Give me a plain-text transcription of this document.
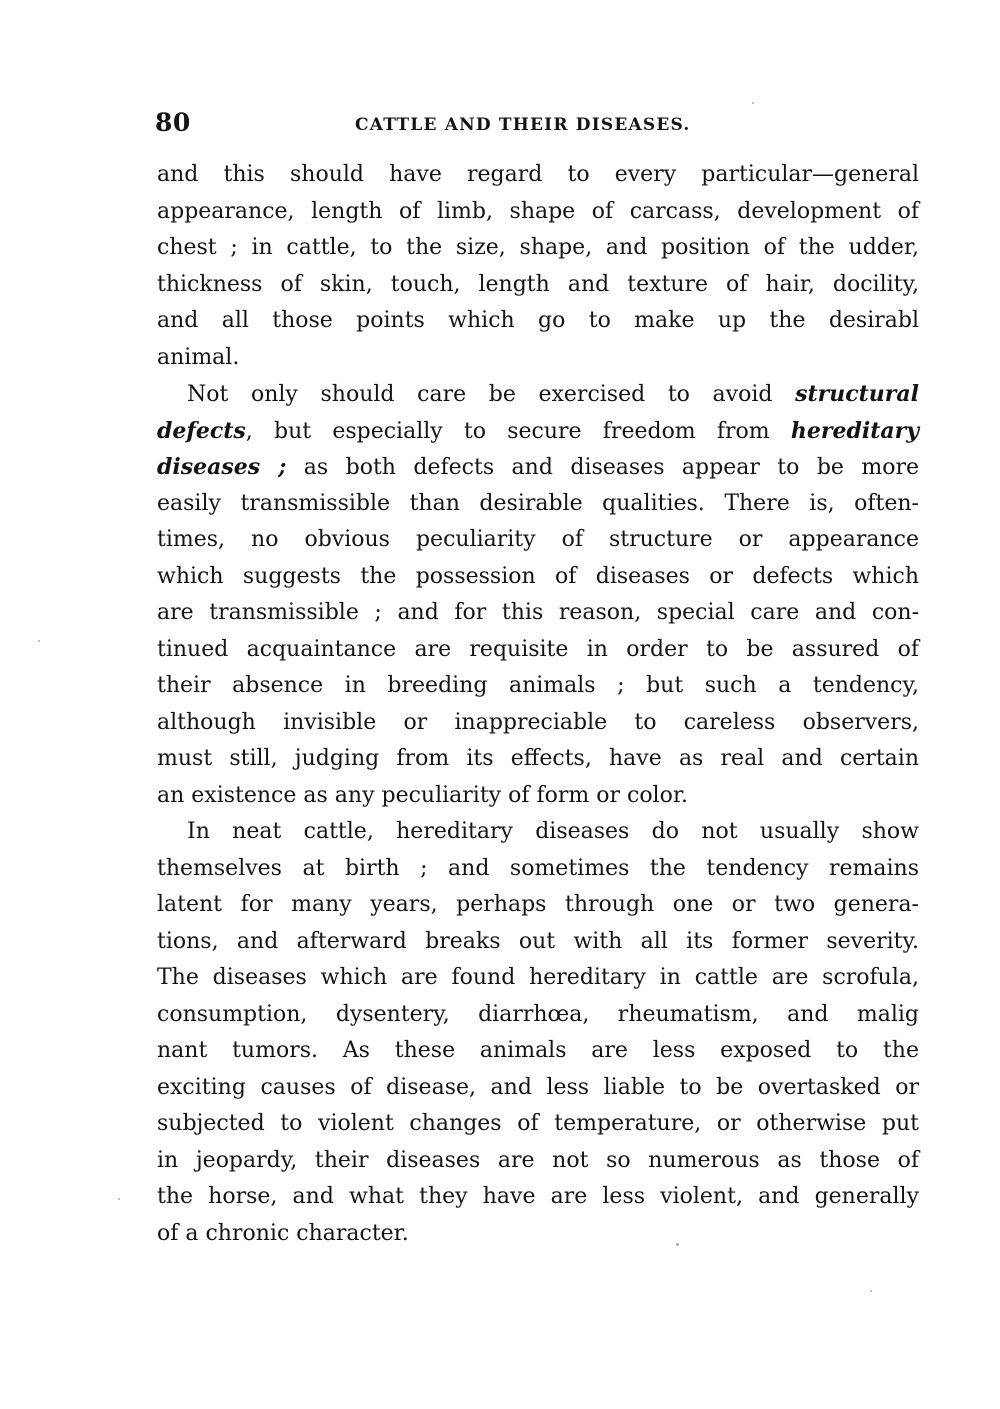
80	CATTLE AND THEIR DISEASES.
and this should have regard to every particular—general
appearance, length of limb, shape of carcass, development of
chest ; in cattle, to the size, shape, and position of the udder,
thickness of skin, touch, length and texture of hair, docility,
and all those points which go to make up the desirabl
animal.
Not only should care be exercised to avoid structural
defects, but especially to secure freedom from hereditary
diseases ; as both defects and diseases appear to be more
easily transmissible than desirable qualities. There is, often-
times, no obvious peculiarity of structure or appearance
which suggests the possession of diseases or defects which
are transmissible ; and for this reason, special care and con-
tinued acquaintance are requisite in order to be assured of
their absence in breeding animals ; but such a tendency,
although invisible or inappreciable to careless observers,
must still, judging from its effects, have as real and certain
an existence as any peculiarity of form or color.
In neat cattle, hereditary diseases do not usually show
themselves at birth ; and sometimes the tendency remains
latent for many years, perhaps through one or two genera-
tions, and afterward breaks out with all its former severity.
The diseases which are found hereditary in cattle are scrofula,
consumption, dysentery, diarrhœa, rheumatism, and malig
nant tumors. As these animals are less exposed to the
exciting causes of disease, and less liable to be overtasked or
subjected to violent changes of temperature, or otherwise put
in jeopardy, their diseases are not so numerous as those of
the horse, and what they have are less violent, and generally
of a chronic character.
